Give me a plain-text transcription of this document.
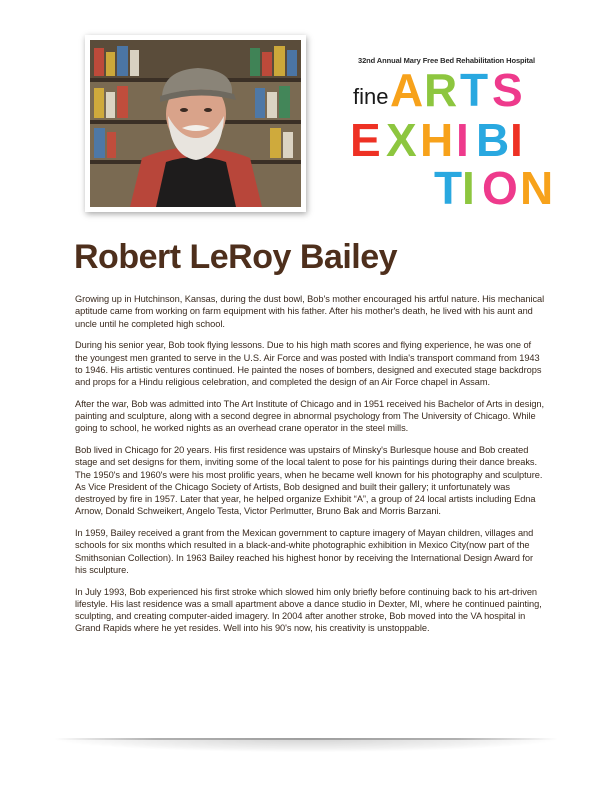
32nd Annual Mary Free Bed Rehabilitation Hospital
fine A R T S
E X H I B I
T I O N
Robert LeRoy Bailey

Growing up in Hutchinson, Kansas, during the dust bowl, Bob's mother encouraged his artful nature. His mechanical aptitude came from working on farm equipment with his father. After his mother's death, he lived with his aunt and uncle until he completed high school.

During his senior year, Bob took flying lessons. Due to his high math scores and flying experience, he was one of the youngest men granted to serve in the U.S. Air Force and was posted with India's transport command from 1943 to 1946. His artistic ventures continued. He painted the noses of bombers, designed and executed stage backdrops and props for a Hindu religious celebration, and completed the design of an Air Force chapel in Assam.

After the war, Bob was admitted into The Art Institute of Chicago and in 1951 received his Bachelor of Arts in design, painting and sculpture, along with a second degree in abnormal psychology from The University of Chicago. While going to school, he worked nights as an overhead crane operator in the steel mills.

Bob lived in Chicago for 20 years. His first residence was upstairs of Minsky's Burlesque house and Bob created stage and set designs for them, inviting some of the local talent to pose for his paintings during their dance breaks. The 1950's and 1960's were his most prolific years, when he became well known for his photography and sculpture. As Vice President of the Chicago Society of Artists, Bob designed and built their gallery; it unfortunately was destroyed by fire in 1957. Later that year, he helped organize Exhibit “A”, a group of 24 local artists including Edna Arnow, Donald Schweikert, Angelo Testa, Victor Perlmutter, Bruno Bak and Morris Barzani.

In 1959, Bailey received a grant from the Mexican government to capture imagery of Mayan children, villages and schools for six months which resulted in a black-and-white photographic exhibition in Mexico City(now part of the Smithsonian Collection). In 1963 Bailey reached his highest honor by receiving the International Design Award for his sculpture.

In July 1993, Bob experienced his first stroke which slowed him only briefly before continuing back to his art-driven lifestyle. His last residence was a small apartment above a dance studio in Dexter, MI, where he continued painting, sculpting, and creating computer-aided imagery. In 2004 after another stroke, Bob moved into the VA hospital in Grand Rapids where he yet resides. Well into his 90's now, his creativity is unstoppable.
